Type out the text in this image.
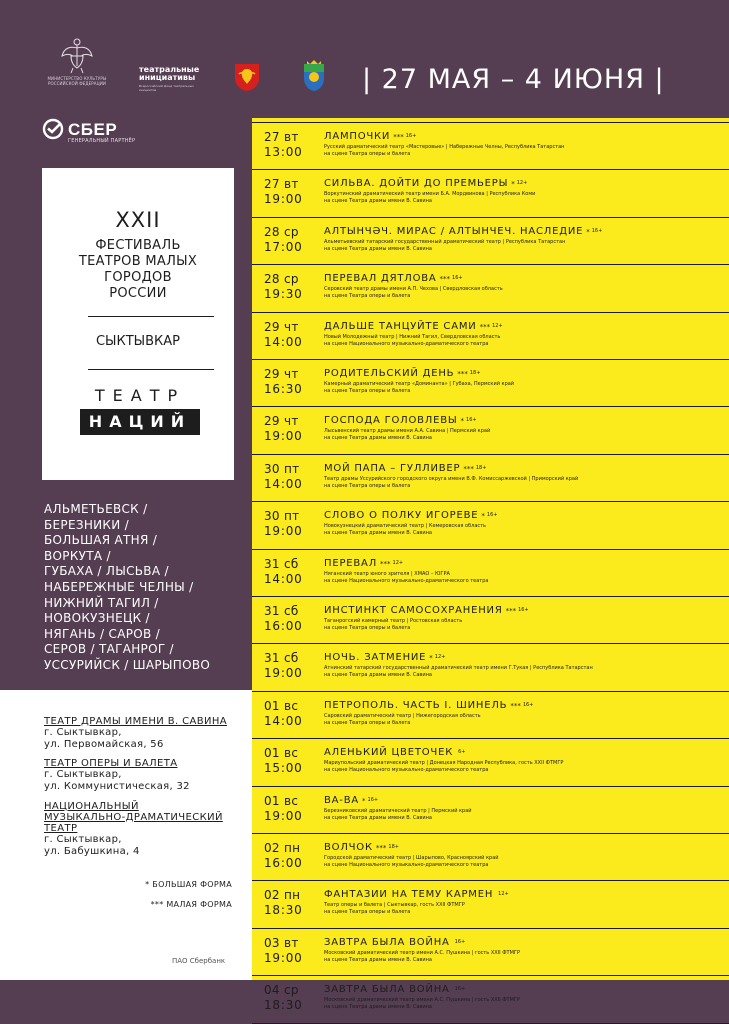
МИНИСТЕРСТВО КУЛЬТУРЫ РОССИЙСКОЙ ФЕДЕРАЦИИ
театральные
инициативы
Всероссийский фонд театральных инициатив	| 27 МАЯ – 4 ИЮНЯ |
СБЕР
ГЕНЕРАЛЬНЫЙ ПАРТНЁР
XXII
ФЕСТИВАЛЬ
ТЕАТРОВ МАЛЫХ
ГОРОДОВ
РОССИИ
СЫКТЫВКАР
ТЕАТР
НАЦИЙ
АЛЬМЕТЬЕВСК /
БЕРЕЗНИКИ /
БОЛЬШАЯ АТНЯ /
ВОРКУТА /
ГУБАХА / ЛЫСЬВА /
НАБЕРЕЖНЫЕ ЧЕЛНЫ /
НИЖНИЙ ТАГИЛ /
НОВОКУЗНЕЦК /
НЯГАНЬ / САРОВ /
СЕРОВ / ТАГАНРОГ /
УССУРИЙСК / ШАРЫПОВО
ТЕАТР ДРАМЫ ИМЕНИ В. САВИНА
г. Сыктывкар,
ул. Первомайская, 56
ТЕАТР ОПЕРЫ И БАЛЕТА
г. Сыктывкар,
ул. Коммунистическая, 32
НАЦИОНАЛЬНЫЙ
МУЗЫКАЛЬНО-ДРАМАТИЧЕСКИЙ
ТЕАТР
г. Сыктывкар,
ул. Бабушкина, 4
* БОЛЬШАЯ ФОРМА
*** МАЛАЯ ФОРМА
ПАО Сбербанк
27 вт
13:00
ЛАМПОЧКИ *** $^{16+}$
Русский драматический театр «Мастеровые» | Набережные Челны, Республика Татарстан
на сцене Театра оперы и балета
27 вт
19:00
СИЛЬВА. ДОЙТИ ДО ПРЕМЬЕРЫ * $^{12+}$
Воркутинский драматический театр имени Б.А. Мордвинова | Республика Коми
на сцене Театра драмы имени В. Савина
28 ср
17:00
АЛТЫНЧӘЧ. МИРАС / АЛТЫНЧЕЧ. НАСЛЕДИЕ * $^{16+}$
Альметьевский татарский государственный драматический театр | Республика Татарстан
на сцене Театра драмы имени В. Савина
28 ср
19:30
ПЕРЕВАЛ ДЯТЛОВА *** $^{16+}$
Серовский театр драмы имени А.П. Чехова | Свердловская область
на сцене Театра оперы и балета
29 чт
14:00
ДАЛЬШЕ ТАНЦУЙТЕ САМИ *** $^{12+}$
Новый Молодежный театр | Нижний Тагил, Свердловская область
на сцене Национального музыкально-драматического театра
29 чт
16:30
РОДИТЕЛЬСКИЙ ДЕНЬ *** $^{18+}$
Камерный драматический театр «Доминанта» | Губаха, Пермский край
на сцене Театра оперы и балета
29 чт
19:00
ГОСПОДА ГОЛОВЛЕВЫ * $^{16+}$
Лысьвенский театр драмы имени А.А. Савина | Пермский край
на сцене Театра драмы имени В. Савина
30 пт
14:00
МОЙ ПАПА – ГУЛЛИВЕР *** $^{18+}$
Театр драмы Уссурийского городского округа имени В.Ф. Комиссаржевской | Приморский край
на сцене Театра оперы и балета
30 пт
19:00
СЛОВО О ПОЛКУ ИГОРЕВЕ * $^{16+}$
Новокузнецкий драматический театр | Кемеровская область
на сцене Театра драмы имени В. Савина
31 сб
14:00
ПЕРЕВАЛ *** $^{12+}$
Няганский театр юного зрителя | ХМАО – ЮГРА
на сцене Национального музыкально-драматического театра
31 сб
16:00
ИНСТИНКТ САМОСОХРАНЕНИЯ *** $^{16+}$
Таганрогский камерный театр | Ростовская область
на сцене Театра оперы и балета
31 сб
19:00
НОЧЬ. ЗАТМЕНИЕ * $^{12+}$
Атнинский татарский государственный драматический театр имени Г.Тукая | Республика Татарстан
на сцене Театра драмы имени В. Савина
01 вс
14:00
ПЕТРОПОЛЬ. ЧАСТЬ I. ШИНЕЛЬ *** $^{16+}$
Саровский драматический театр | Нижегородская область
на сцене Театра оперы и балета
01 вс
15:00
АЛЕНЬКИЙ ЦВЕТОЧЕК $^{6+}$
Мариупольский драматический театр | Донецкая Народная Республика, гость XXII ФТМГР
на сцене Национального музыкально-драматического театра
01 вс
19:00
ВА-ВА * $^{16+}$
Березниковский драматический театр | Пермский край
на сцене Театра драмы имени В. Савина
02 пн
16:00
ВОЛЧОК *** $^{18+}$
Городской драматический театр | Шарыпово, Красноярский край
на сцене Национального музыкально-драматического театра
02 пн
18:30
ФАНТАЗИИ НА ТЕМУ КАРМЕН $^{12+}$
Театр оперы и балета | Сыктывкар, гость XXII ФТМГР
на сцене Театра оперы и балета
03 вт
19:00
ЗАВТРА БЫЛА ВОЙНА $^{16+}$
Московский драматический театр имени А.С. Пушкина | гость XXII ФТМГР
на сцене Театра драмы имени В. Савина
04 ср
18:30
ЗАВТРА БЫЛА ВОЙНА $^{16+}$
Московский драматический театр имени А.С. Пушкина | гость XXII ФТМГР
на сцене Театра драмы имени В. Савина
